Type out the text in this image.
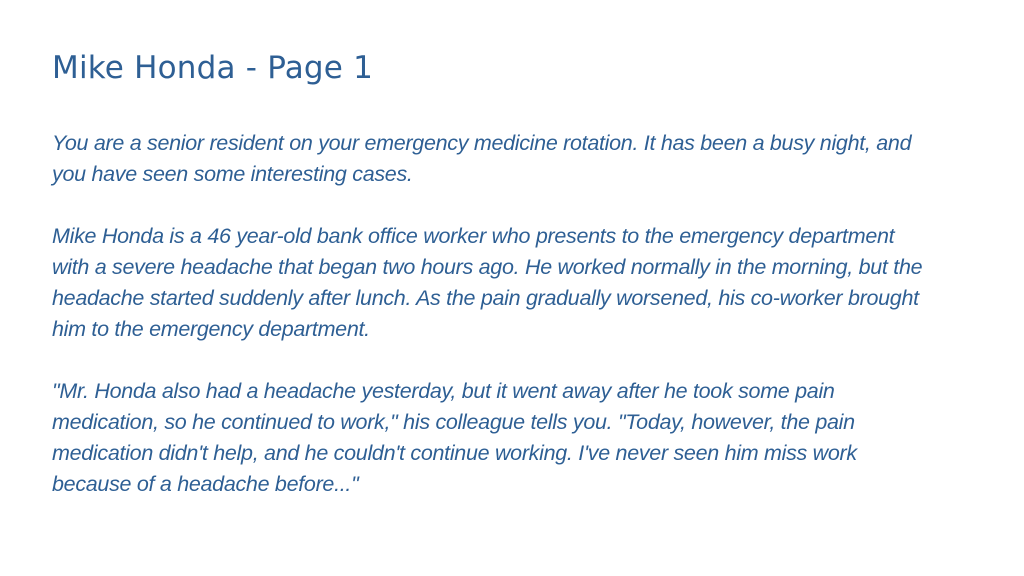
Mike Honda - Page 1

You are a senior resident on your emergency medicine rotation. It has been a busy night, and
you have seen some interesting cases.

Mike Honda is a 46 year-old bank office worker who presents to the emergency department
with a severe headache that began two hours ago. He worked normally in the morning, but the
headache started suddenly after lunch. As the pain gradually worsened, his co-worker brought
him to the emergency department.

"Mr. Honda also had a headache yesterday, but it went away after he took some pain
medication, so he continued to work," his colleague tells you. "Today, however, the pain
medication didn't help, and he couldn't continue working. I've never seen him miss work
because of a headache before..."
